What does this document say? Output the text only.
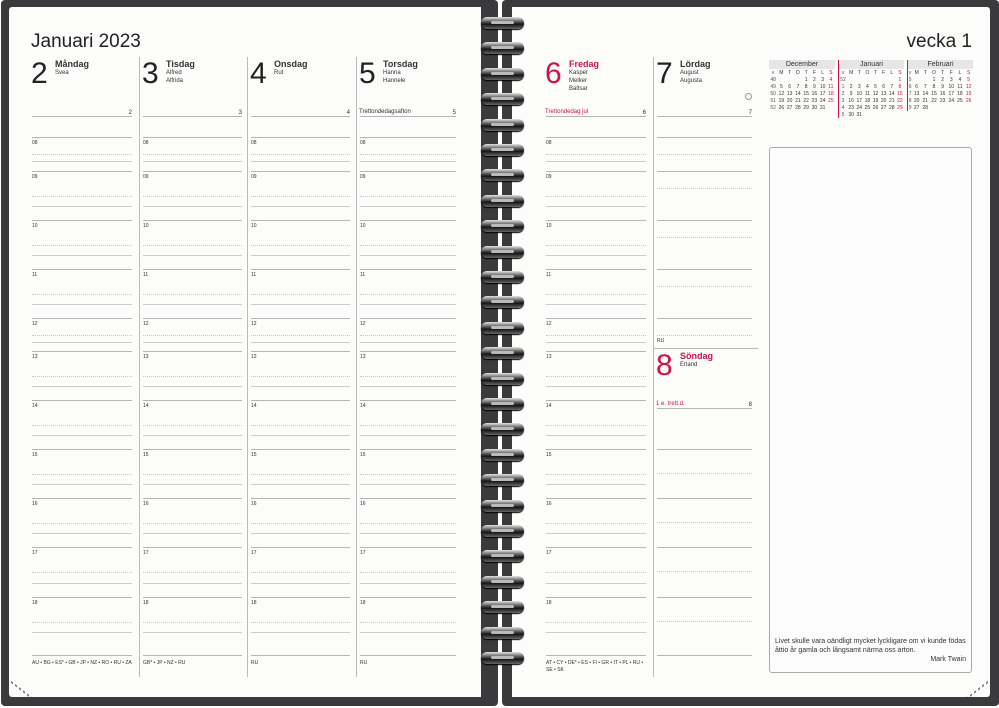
Januari 2023
2 Måndag
Svea
2
08
09
10
11
12
13
14
15
16
17
18
AU • BG • ES* • GB • JP • NZ • RO • RU • ZA
3 Tisdag
Alfred
Alfrida
3
08
09
10
11
12
13
14
15
16
17
18
GB* • JP • NZ • RU
4 Onsdag
Rut
4
08
09
10
11
12
13
14
15
16
17
18
RU
5 Torsdag
Hanna
Hannele
Trettondedagsafton	5
08
09
10
11
12
13
14
15
16
17
18
RU
vecka 1
6 Fredag
Kasper
Melker
Baltsar
Trettondedag jul	6
08
09
10
11
12
13
14
15
16
17
18
AT • CY • DE* • ES • FI • GR • IT • PL • RU • SE • SK
7 Lördag
August
Augusta
7
RU
8 Söndag
Erland
1 e. trett.d.	8
December
v	M	T	O	T	F	L	S
48				1	2	3	4
49	5	6	7	8	9	10	11
50	12	13	14	15	16	17	18
51	19	20	21	22	23	24	25
52	26	27	28	29	30	31	
Januari
v	M	T	O	T	F	L	S
52							1
1	2	3	4	5	6	7	8
2	9	10	11	12	13	14	15
3	16	17	18	19	20	21	22
4	23	24	25	26	27	28	29
5	30	31					
Februari
v	M	T	O	T	F	L	S
5			1	2	3	4	5
6	6	7	8	9	10	11	12
7	13	14	15	16	17	18	19
8	20	21	22	23	24	25	26
9	27	28					
Livet skulle vara oändligt mycket lyckligare om vi kunde födas åttio år gamla och långsamt närma oss arton.
Mark Twain
